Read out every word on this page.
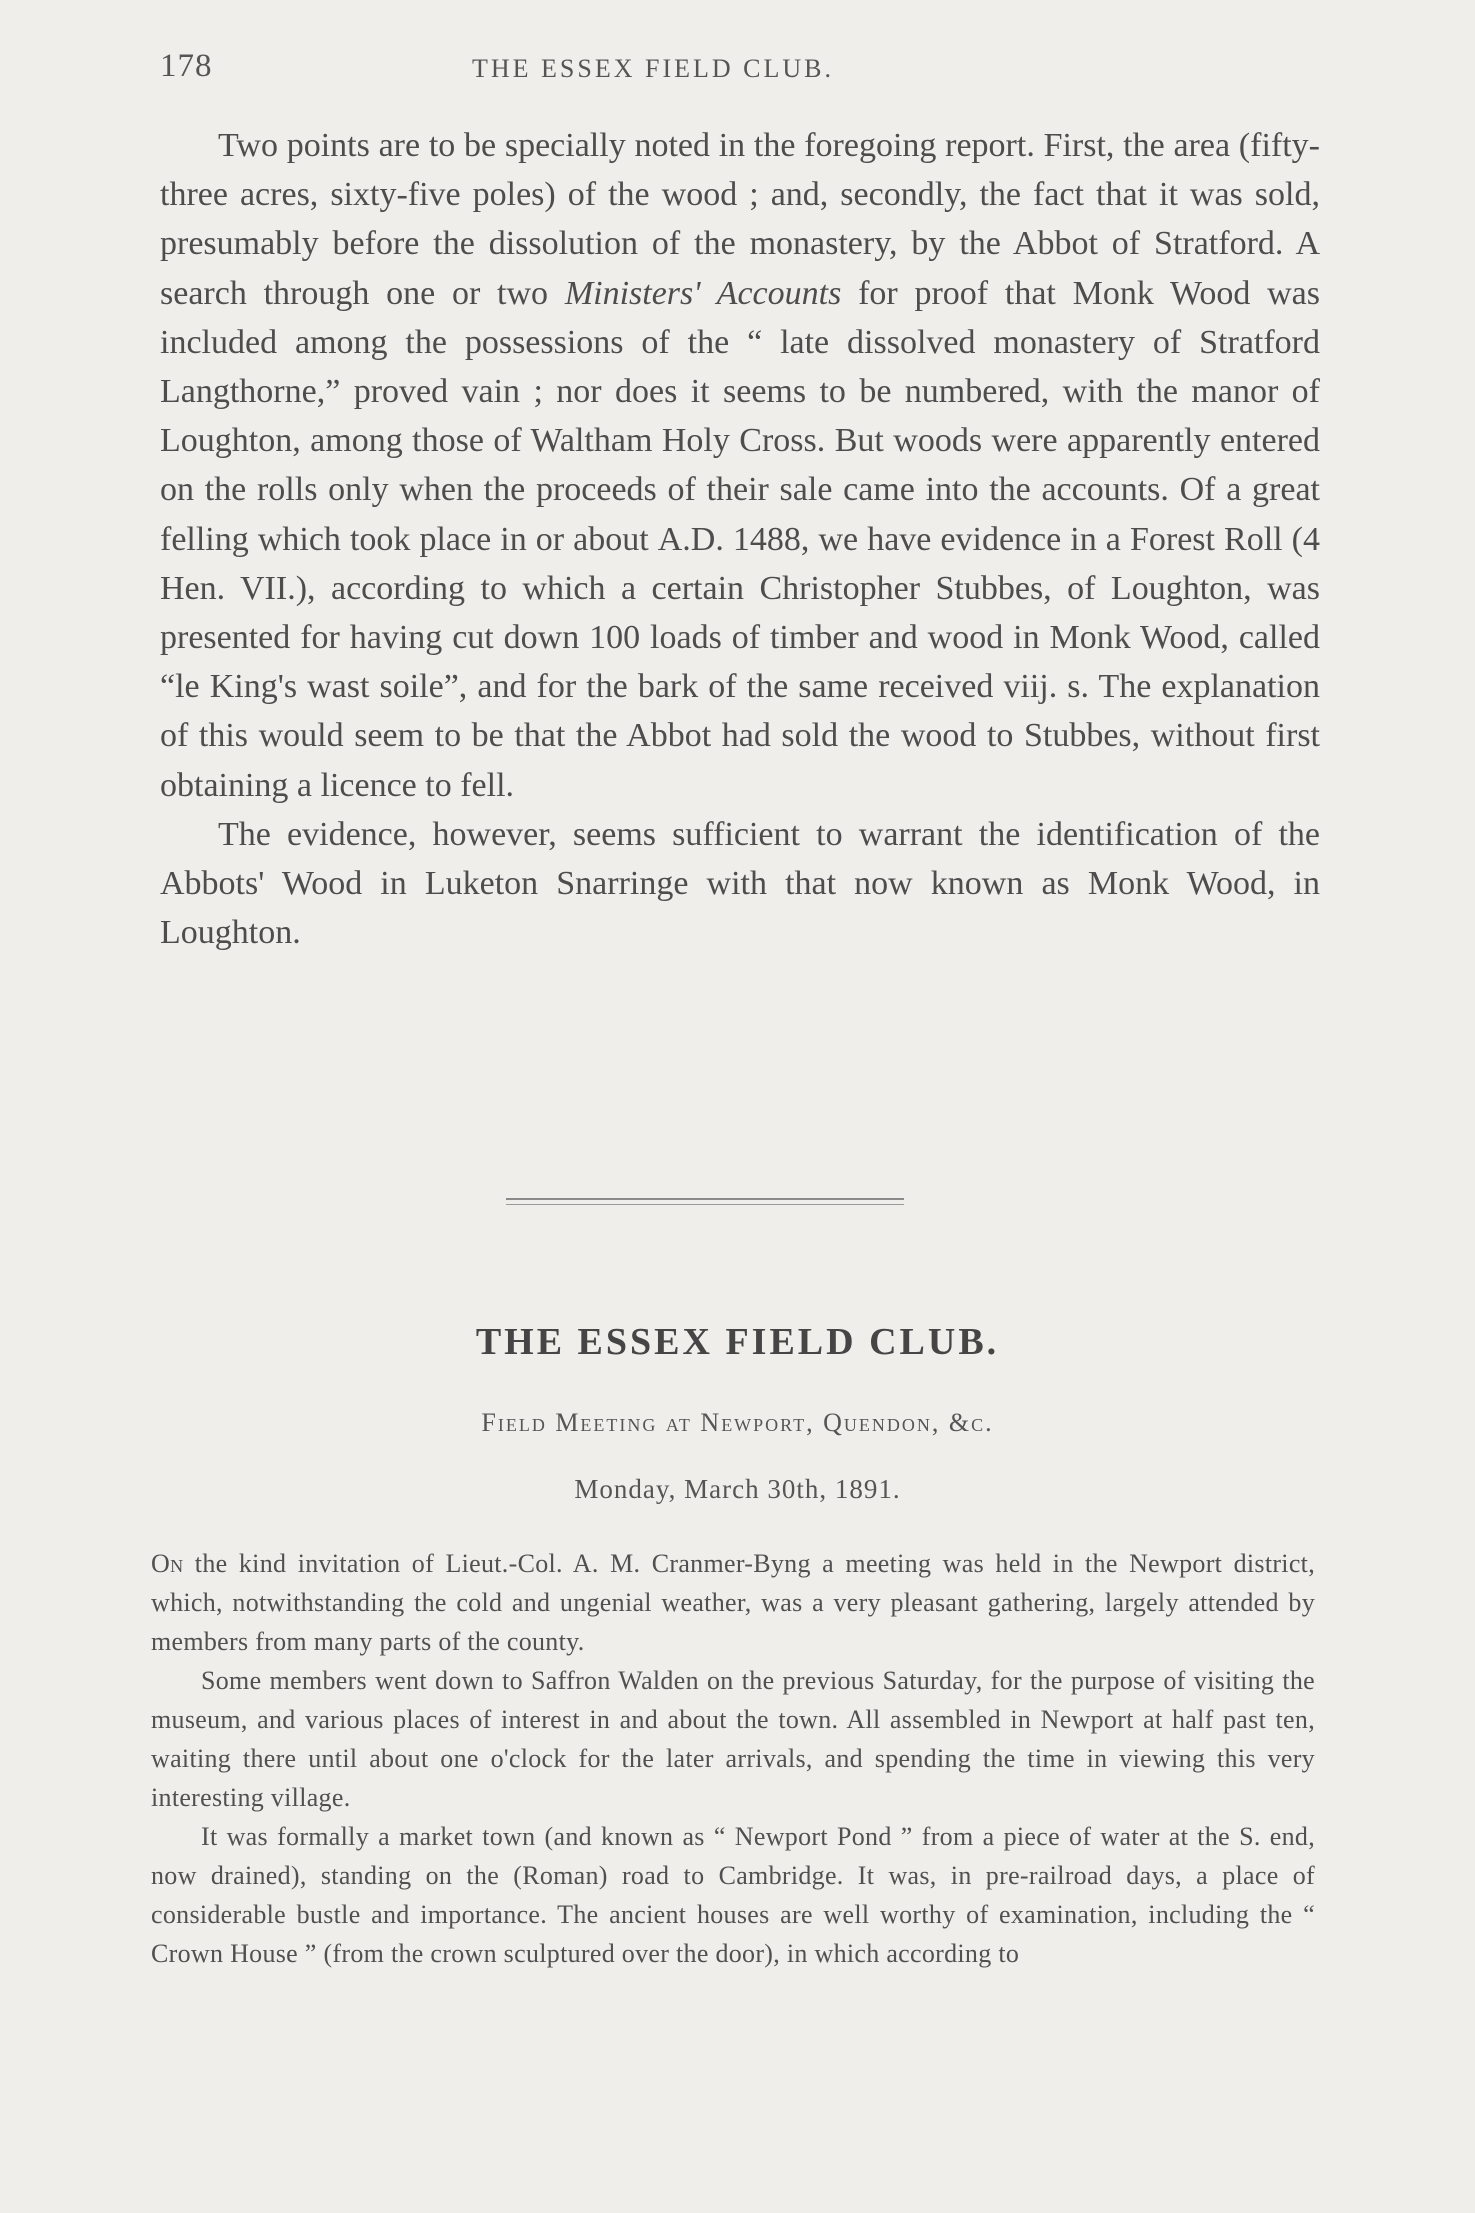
178	THE ESSEX FIELD CLUB.

Two points are to be specially noted in the foregoing report. First, the area (fifty-three acres, sixty-five poles) of the wood ; and, secondly, the fact that it was sold, presumably before the dissolution of the monastery, by the Abbot of Stratford. A search through one or two Ministers' Accounts for proof that Monk Wood was included among the possessions of the “ late dissolved monastery of Stratford Langthorne,” proved vain ; nor does it seems to be numbered, with the manor of Loughton, among those of Waltham Holy Cross. But woods were apparently entered on the rolls only when the proceeds of their sale came into the accounts. Of a great felling which took place in or about A.D. 1488, we have evidence in a Forest Roll (4 Hen. VII.), according to which a certain Christopher Stubbes, of Loughton, was presented for having cut down 100 loads of timber and wood in Monk Wood, called “le King's wast soile”, and for the bark of the same received viij. s. The explanation of this would seem to be that the Abbot had sold the wood to Stubbes, without first obtaining a licence to fell.

The evidence, however, seems sufficient to warrant the identification of the Abbots' Wood in Luketon Snarringe with that now known as Monk Wood, in Loughton.

THE ESSEX FIELD CLUB.
Field Meeting at Newport, Quendon, &c.
Monday, March 30th, 1891.

On the kind invitation of Lieut.-Col. A. M. Cranmer-Byng a meeting was held in the Newport district, which, notwithstanding the cold and ungenial weather, was a very pleasant gathering, largely attended by members from many parts of the county.

Some members went down to Saffron Walden on the previous Saturday, for the purpose of visiting the museum, and various places of interest in and about the town. All assembled in Newport at half past ten, waiting there until about one o'clock for the later arrivals, and spending the time in viewing this very interesting village.

It was formally a market town (and known as “ Newport Pond ” from a piece of water at the S. end, now drained), standing on the (Roman) road to Cambridge. It was, in pre-railroad days, a place of considerable bustle and importance. The ancient houses are well worthy of examination, including the “ Crown House ” (from the crown sculptured over the door), in which according to
